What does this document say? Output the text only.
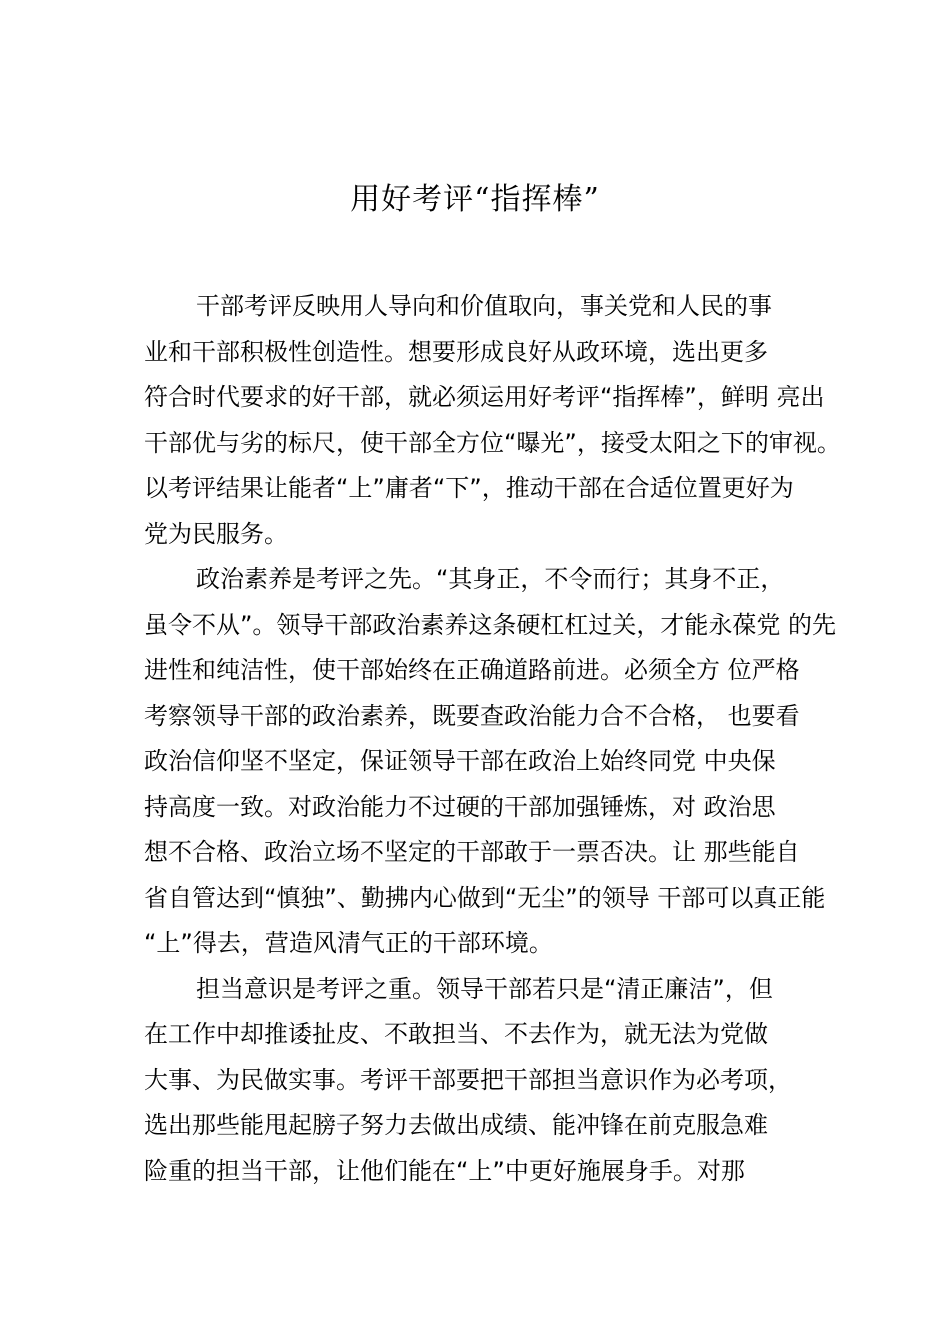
用好考评“指挥棒”
干部考评反映用人导向和价值取向，事关党和人民的事
业和干部积极性创造性。想要形成良好从政环境，选出更多
符合时代要求的好干部，就必须运用好考评“指挥棒”，鲜明 亮出
干部优与劣的标尺，使干部全方位“曝光”，接受太阳之下的审视。
以考评结果让能者“上”庸者“下”，推动干部在合适位置更好为
党为民服务。
政治素养是考评之先。“其身正，不令而行；其身不正，
虽令不从”。领导干部政治素养这条硬杠杠过关，才能永葆党 的先
进性和纯洁性，使干部始终在正确道路前进。必须全方 位严格
考察领导干部的政治素养，既要查政治能力合不合格， 也要看
政治信仰坚不坚定，保证领导干部在政治上始终同党 中央保
持高度一致。对政治能力不过硬的干部加强锤炼，对 政治思
想不合格、政治立场不坚定的干部敢于一票否决。让 那些能自
省自管达到“慎独”、勤拂内心做到“无尘”的领导 干部可以真正能
“上”得去，营造风清气正的干部环境。
担当意识是考评之重。领导干部若只是“清正廉洁”，但
在工作中却推诿扯皮、不敢担当、不去作为，就无法为党做
大事、为民做实事。考评干部要把干部担当意识作为必考项，
选出那些能甩起膀子努力去做出成绩、能冲锋在前克服急难
险重的担当干部，让他们能在“上”中更好施展身手。对那
